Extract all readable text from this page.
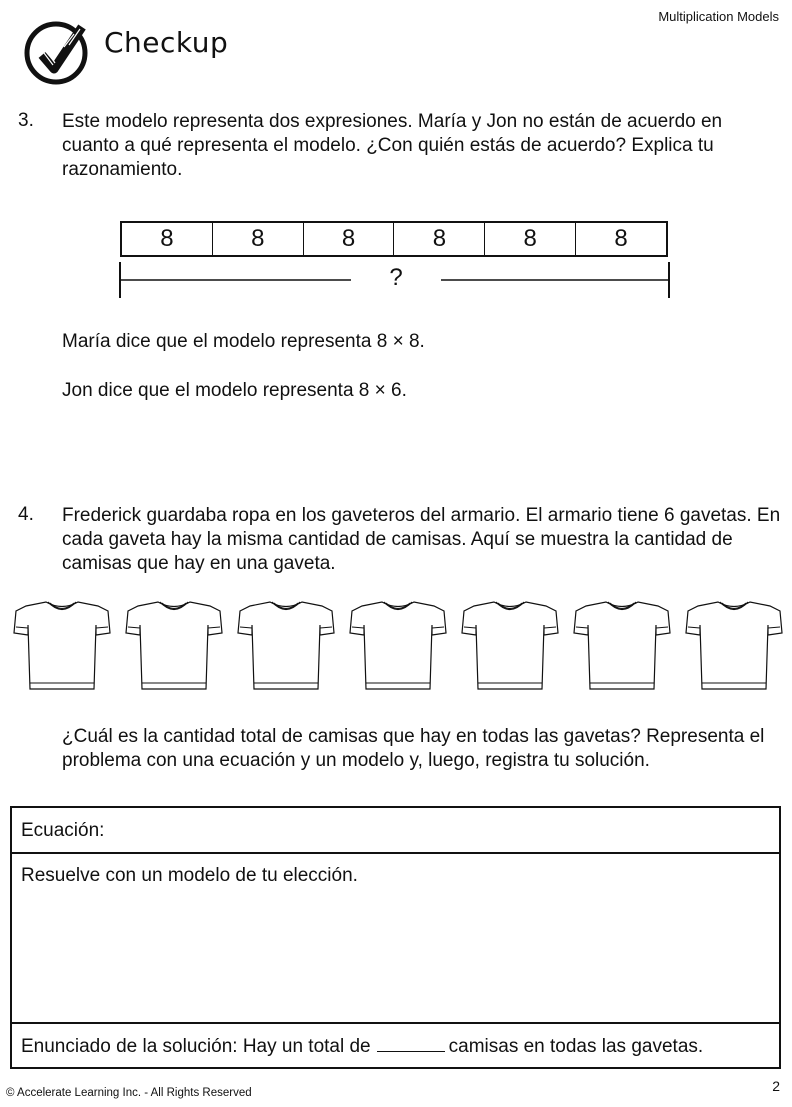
Multiplication Models
Checkup
3. Este modelo representa dos expresiones. María y Jon no están de acuerdo en cuanto a qué representa el modelo. ¿Con quién estás de acuerdo? Explica tu razonamiento.
8	8	8	8	8	8
?
María dice que el modelo representa 8 × 8.
Jon dice que el modelo representa 8 × 6.
4. Frederick guardaba ropa en los gaveteros del armario. El armario tiene 6 gavetas. En cada gaveta hay la misma cantidad de camisas. Aquí se muestra la cantidad de camisas que hay en una gaveta.
¿Cuál es la cantidad total de camisas que hay en todas las gavetas? Representa el problema con una ecuación y un modelo y, luego, registra tu solución.
Ecuación:
Resuelve con un modelo de tu elección.
Enunciado de la solución: Hay un total de	camisas en todas las gavetas.
© Accelerate Learning Inc. - All Rights Reserved	2
